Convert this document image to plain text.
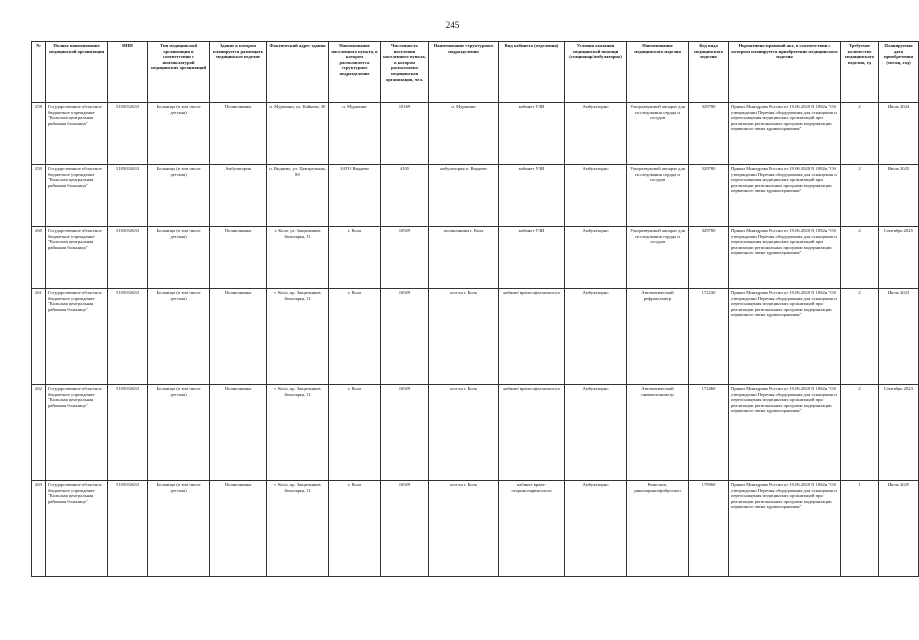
245
№	Полное наименование медицинской организации	ИНН	Тип медицинской организации в соответствии с номенклатурой медицинских организаций	Здание в котором планируется размещать медицинское изделие	Фактический адрес здания	Наименование населенного пункта, в котором располагается структурное подразделение	Численность населения населенного пункта, в котором расположено медицинская организация, чел.	Наименование структурного подразделения	Вид кабинета (отделения)	Условия оказания медицинской помощи (стационар/амбулаторно)	Наименование медицинского изделия	Код вида медицинского изделия	Нормативно-правовой акт, в соответствии с которым планируется приобретение медицинского изделия	Требуемое количество медицинского изделия, ед	Планируемая дата приобретения (месяц, год)
258	Государственное областное бюджетное учреждение "Кольская центральная районная больница"	5105032633	Больница (в том числе детская)	Поликлиника	п. Мурмаши, ул. Кайкова, 30	п. Мурмаши	10169	п. Мурмаши	кабинет УЗИ	Амбулаторно	Ультразвуковой аппарат для исследования сердца и сосудов	329780	Приказ Минздрава России от 19.06.2020 N 1082н "Об утверждении Перечня оборудования для оснащения и переоснащения медицинских организаций при реализации региональных программ модернизации первичного звена здравоохранения"	2	Июль 2024
259	Государственное областное бюджетное учреждение "Кольская центральная районная больница"	5105032633	Больница (в том числе детская)	Амбулатория	п. Видяево, ул. Центральная, 8б	ЗАТО Видяево	4105	амбулатория п. Видяево	кабинет УЗИ	Амбулаторно	Ультразвуковой аппарат для исследования сердца и сосудов	329780	Приказ Минздрава России от 19.06.2020 N 1082н "Об утверждении Перечня оборудования для оснащения и переоснащения медицинских организаций при реализации региональных программ модернизации первичного звена здравоохранения"	2	Июль 2025
260	Государственное областное бюджетное учреждение "Кольская центральная районная больница"	5105032633	Больница (в том числе детская)	Поликлиника	г. Кола, ул. Защитников Заполярья, 11	г. Кола	10929	поликлиника г. Кола	кабинет УЗИ	Амбулаторно	Ультразвуковой аппарат для исследования сердца и сосудов	329780	Приказ Минздрава России от 19.06.2020 N 1082н "Об утверждении Перечня оборудования для оснащения и переоснащения медицинских организаций при реализации региональных программ модернизации первичного звена здравоохранения"	2	Сентябрь 2025
261	Государственное областное бюджетное учреждение "Кольская центральная районная больница"	5105032633	Больница (в том числе детская)	Поликлиника	г. Кола, пр. Защитников Заполярья, 11	г. Кола	10929	пол-ка г. Кола	кабинет врача-офтальмолога	Амбулаторно	Автоматический рефрактометр	172230	Приказ Минздрава России от 19.06.2020 N 1082н "Об утверждении Перечня оборудования для оснащения и переоснащения медицинских организаций при реализации региональных программ модернизации первичного звена здравоохранения"	2	Июль 2023
262	Государственное областное бюджетное учреждение "Кольская центральная районная больница"	5105032633	Больница (в том числе детская)	Поликлиника	г. Кола, пр. Защитников Заполярья, 11	г. Кола	10929	пол-ка г. Кола	кабинет врача-офтальмолога	Амбулаторно	Автоматический пневмотонометр	172460	Приказ Минздрава России от 19.06.2020 N 1082н "Об утверждении Перечня оборудования для оснащения и переоснащения медицинских организаций при реализации региональных программ модернизации первичного звена здравоохранения"	2	Сентябрь 2023
263	Государственное областное бюджетное учреждение "Кольская центральная районная больница"	5105032633	Больница (в том числе детская)	Поликлиника	г. Кола, пр. Защитников Заполярья, 11	г. Кола	10929	пол-ка г. Кола	кабинет врача-оториноларинголога	Амбулаторно	Риноскоп, риноларингофиброскоп	179960	Приказ Минздрава России от 19.06.2020 N 1082н "Об утверждении Перечня оборудования для оснащения и переоснащения медицинских организаций при реализации региональных программ модернизации первичного звена здравоохранения"	1	Июль 2025
